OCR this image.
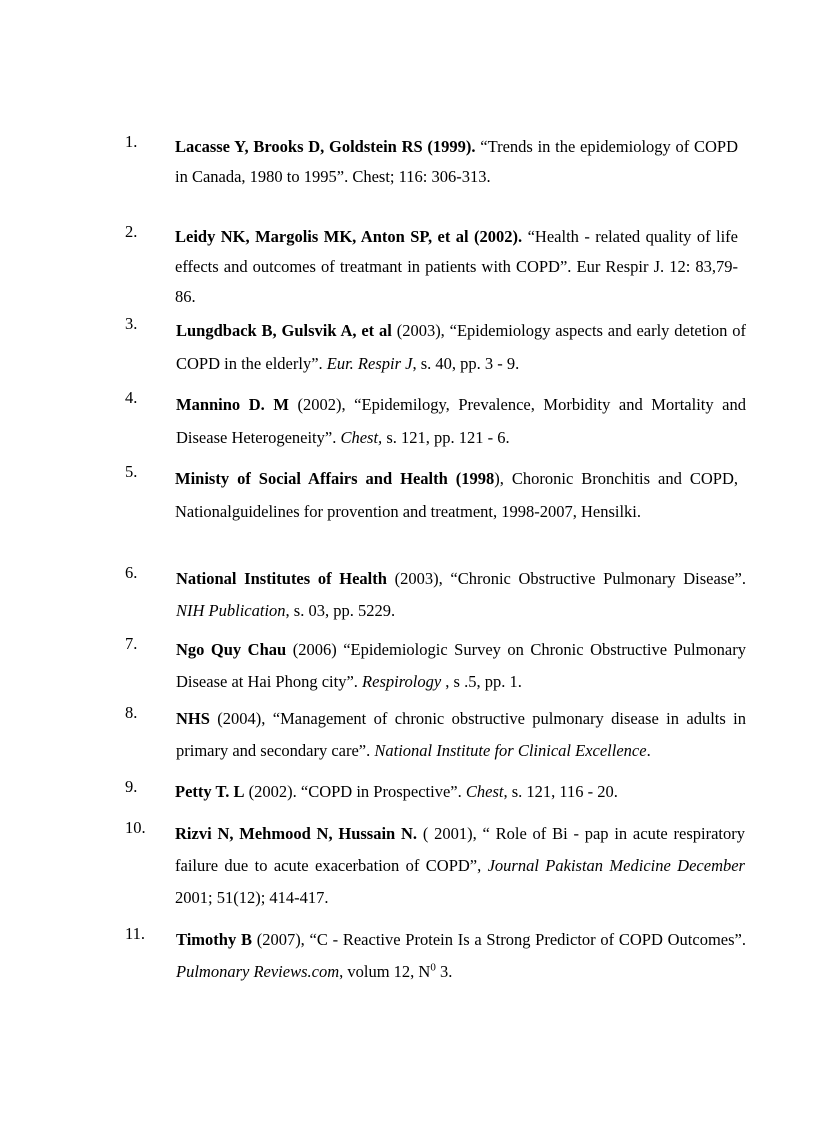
1.	Lacasse Y, Brooks D, Goldstein RS (1999). “Trends in the epidemiology of COPD in Canada, 1980 to 1995”. Chest; 116: 306-313.
2. Leidy NK, Margolis MK, Anton SP, et al (2002). “Health - related quality of life effects and outcomes of treatmant in patients with COPD”. Eur Respir J. 12: 83,79-86.
3. Lungdback B, Gulsvik A, et al (2003), “Epidemiology aspects and early detetion of COPD in the elderly”. Eur. Respir J, s. 40, pp. 3 - 9.
4. Mannino D. M (2002), “Epidemilogy, Prevalence, Morbidity and Mortality and Disease Heterogeneity”. Chest, s. 121, pp. 121 - 6.
5. Ministy of Social Affairs and Health (1998), Choronic Bronchitis and COPD, Nationalguidelines for provention and treatment, 1998-2007, Hensilki.
6. National Institutes of Health (2003), “Chronic Obstructive Pulmonary Disease”. NIH Publication, s. 03, pp. 5229.
7. Ngo Quy Chau (2006) “Epidemiologic Survey on Chronic Obstructive Pulmonary Disease at Hai Phong city”. Respirology , s .5, pp. 1.
8. NHS (2004), “Management of chronic obstructive pulmonary disease in adults in primary and secondary care”. National Institute for Clinical Excellence.
9. Petty T. L (2002). “COPD in Prospective”. Chest, s. 121, 116 - 20.
10. Rizvi N, Mehmood N, Hussain N. ( 2001), “ Role of Bi - pap in acute respiratory failure due to acute exacerbation of COPD”, Journal Pakistan Medicine December 2001; 51(12); 414-417.
11. Timothy B (2007), “C - Reactive Protein Is a Strong Predictor of COPD Outcomes”. Pulmonary Reviews.com, volum 12, $N^0$ 3.
